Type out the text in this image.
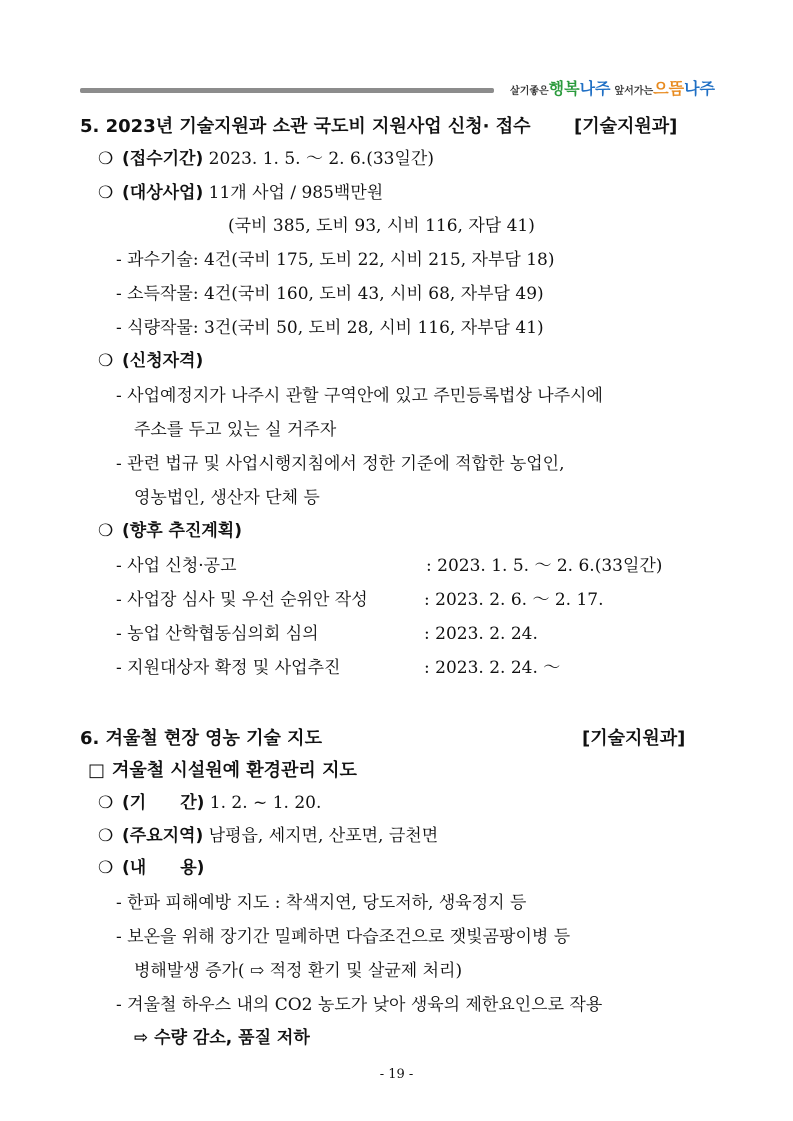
살기좋은 행복 나주 앞서가는 으뜸 나주
5. 2023년 기술지원과 소관 국도비 지원사업 신청· 접수 [기술지원과]
❍ (접수기간) 2023. 1. 5. ～ 2. 6.(33일간)
❍ (대상사업) 11개 사업 / 985백만원
(국비 385, 도비 93, 시비 116, 자담 41)
- 과수기술: 4건(국비 175, 도비 22, 시비 215, 자부담 18)
- 소득작물: 4건(국비 160, 도비 43, 시비 68, 자부담 49)
- 식량작물: 3건(국비 50, 도비 28, 시비 116, 자부담 41)
❍ (신청자격)
- 사업예정지가 나주시 관할 구역안에 있고 주민등록법상 나주시에
주소를 두고 있는 실 거주자
- 관련 법규 및 사업시행지침에서 정한 기준에 적합한 농업인,
영농법인, 생산자 단체 등
❍ (향후 추진계획)
- 사업 신청·공고	: 2023. 1. 5. ～ 2. 6.(33일간)
- 사업장 심사 및 우선 순위안 작성	: 2023. 2. 6. ～ 2. 17.
- 농업 산학협동심의회 심의	: 2023. 2. 24.
- 지원대상자 확정 및 사업추진	: 2023. 2. 24. ～
6. 겨울철 현장 영농 기술 지도	[기술지원과]
□ 겨울철 시설원예 환경관리 지도
❍ (기　　간) 1. 2. ~ 1. 20.
❍ (주요지역) 남평읍, 세지면, 산포면, 금천면
❍ (내　　용)
- 한파 피해예방 지도 : 착색지연, 당도저하, 생육정지 등
- 보온을 위해 장기간 밀폐하면 다습조건으로 잿빛곰팡이병 등
병해발생 증가( ⇨ 적정 환기 및 살균제 처리)
- 겨울철 하우스 내의 CO2 농도가 낮아 생육의 제한요인으로 작용
⇨ 수량 감소, 품질 저하
- 19 -
